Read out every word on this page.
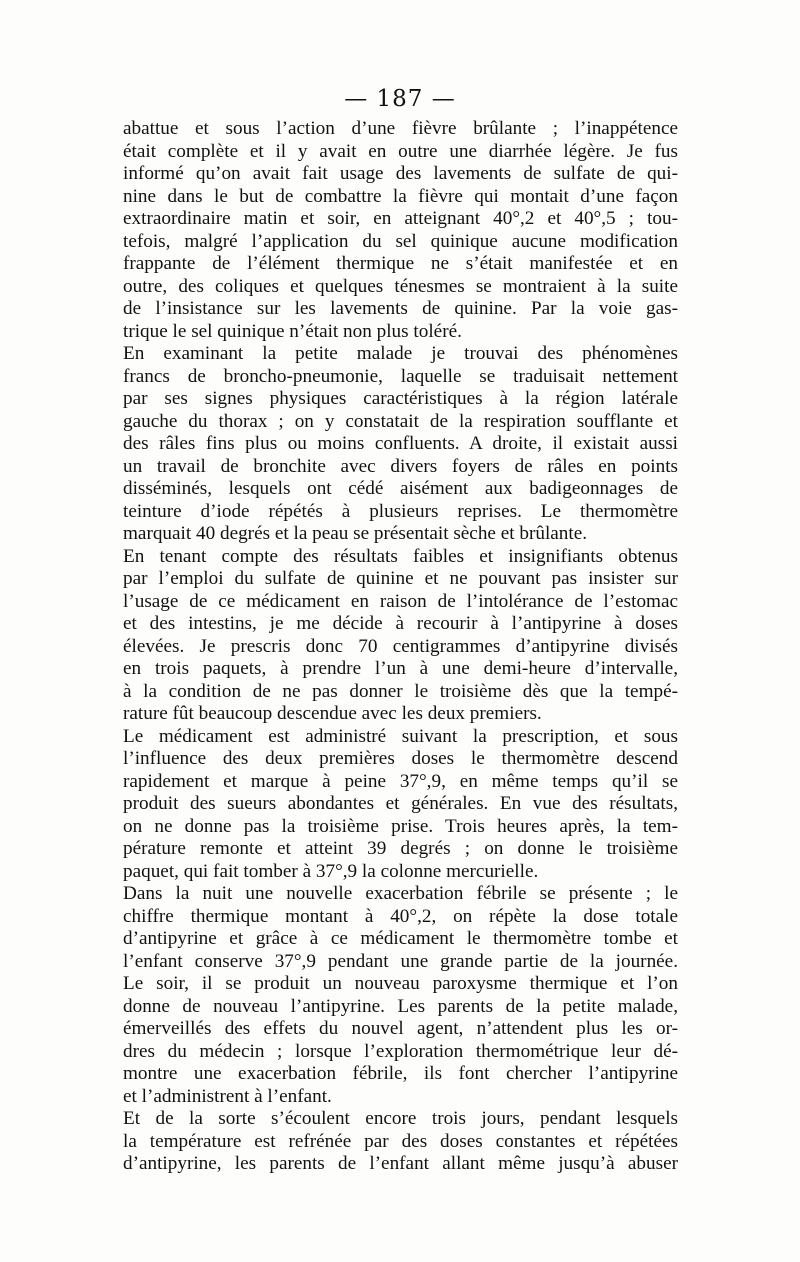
— 187 —
abattue et sous l’action d’une fièvre brûlante ; l’inappétence
était complète et il y avait en outre une diarrhée légère. Je fus
informé qu’on avait fait usage des lavements de sulfate de qui-
nine dans le but de combattre la fièvre qui montait d’une façon
extraordinaire matin et soir, en atteignant 40°,2 et 40°,5 ; tou-
tefois, malgré l’application du sel quinique aucune modification
frappante de l’élément thermique ne s’était manifestée et en
outre, des coliques et quelques ténesmes se montraient à la suite
de l’insistance sur les lavements de quinine. Par la voie gas-
trique le sel quinique n’était non plus toléré.
En examinant la petite malade je trouvai des phénomènes
francs de broncho-pneumonie, laquelle se traduisait nettement
par ses signes physiques caractéristiques à la région latérale
gauche du thorax ; on y constatait de la respiration soufflante et
des râles fins plus ou moins confluents. A droite, il existait aussi
un travail de bronchite avec divers foyers de râles en points
disséminés, lesquels ont cédé aisément aux badigeonnages de
teinture d’iode répétés à plusieurs reprises. Le thermomètre
marquait 40 degrés et la peau se présentait sèche et brûlante.
En tenant compte des résultats faibles et insignifiants obtenus
par l’emploi du sulfate de quinine et ne pouvant pas insister sur
l’usage de ce médicament en raison de l’intolérance de l’estomac
et des intestins, je me décide à recourir à l’antipyrine à doses
élevées. Je prescris donc 70 centigrammes d’antipyrine divisés
en trois paquets, à prendre l’un à une demi-heure d’intervalle,
à la condition de ne pas donner le troisième dès que la tempé-
rature fût beaucoup descendue avec les deux premiers.
Le médicament est administré suivant la prescription, et sous
l’influence des deux premières doses le thermomètre descend
rapidement et marque à peine 37°,9, en même temps qu’il se
produit des sueurs abondantes et générales. En vue des résultats,
on ne donne pas la troisième prise. Trois heures après, la tem-
pérature remonte et atteint 39 degrés ; on donne le troisième
paquet, qui fait tomber à 37°,9 la colonne mercurielle.
Dans la nuit une nouvelle exacerbation fébrile se présente ; le
chiffre thermique montant à 40°,2, on répète la dose totale
d’antipyrine et grâce à ce médicament le thermomètre tombe et
l’enfant conserve 37°,9 pendant une grande partie de la journée.
Le soir, il se produit un nouveau paroxysme thermique et l’on
donne de nouveau l’antipyrine. Les parents de la petite malade,
émerveillés des effets du nouvel agent, n’attendent plus les or-
dres du médecin ; lorsque l’exploration thermométrique leur dé-
montre une exacerbation fébrile, ils font chercher l’antipyrine
et l’administrent à l’enfant.
Et de la sorte s’écoulent encore trois jours, pendant lesquels
la température est refrénée par des doses constantes et répétées
d’antipyrine, les parents de l’enfant allant même jusqu’à abuser
